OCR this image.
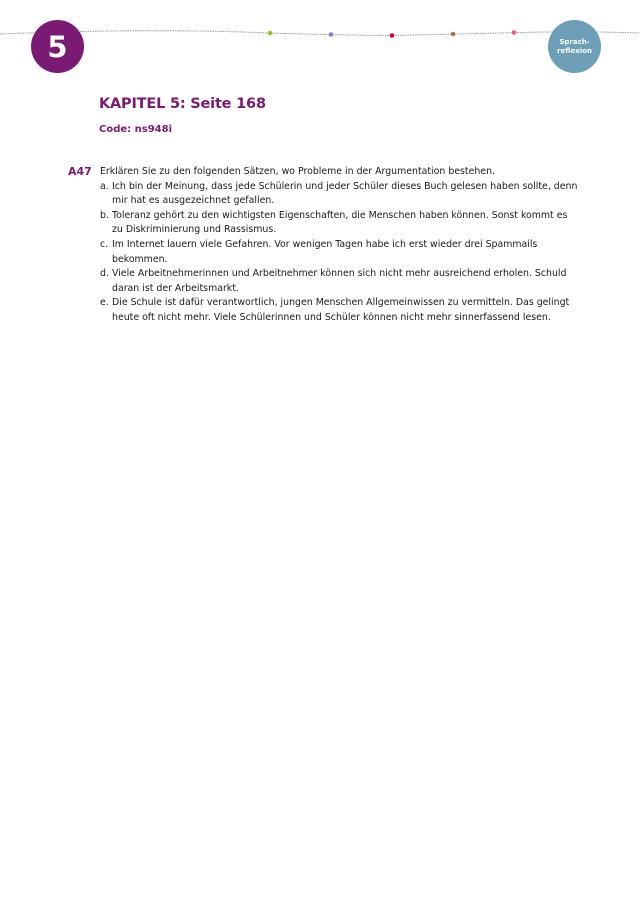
5	Sprach-
reflexion
KAPITEL 5: Seite 168
Code: ns948i
A47 Erklären Sie zu den folgenden Sätzen, wo Probleme in der Argumentation bestehen.
a. Ich bin der Meinung, dass jede Schülerin und jeder Schüler dieses Buch gelesen haben sollte, denn
mir hat es ausgezeichnet gefallen.
b. Toleranz gehört zu den wichtigsten Eigenschaften, die Menschen haben können. Sonst kommt es
zu Diskriminierung und Rassismus.
c. Im Internet lauern viele Gefahren. Vor wenigen Tagen habe ich erst wieder drei Spammails
bekommen.
d. Viele Arbeitnehmerinnen und Arbeitnehmer können sich nicht mehr ausreichend erholen. Schuld
daran ist der Arbeitsmarkt.
e. Die Schule ist dafür verantwortlich, jungen Menschen Allgemeinwissen zu vermitteln. Das gelingt
heute oft nicht mehr. Viele Schülerinnen und Schüler können nicht mehr sinnerfassend lesen.
